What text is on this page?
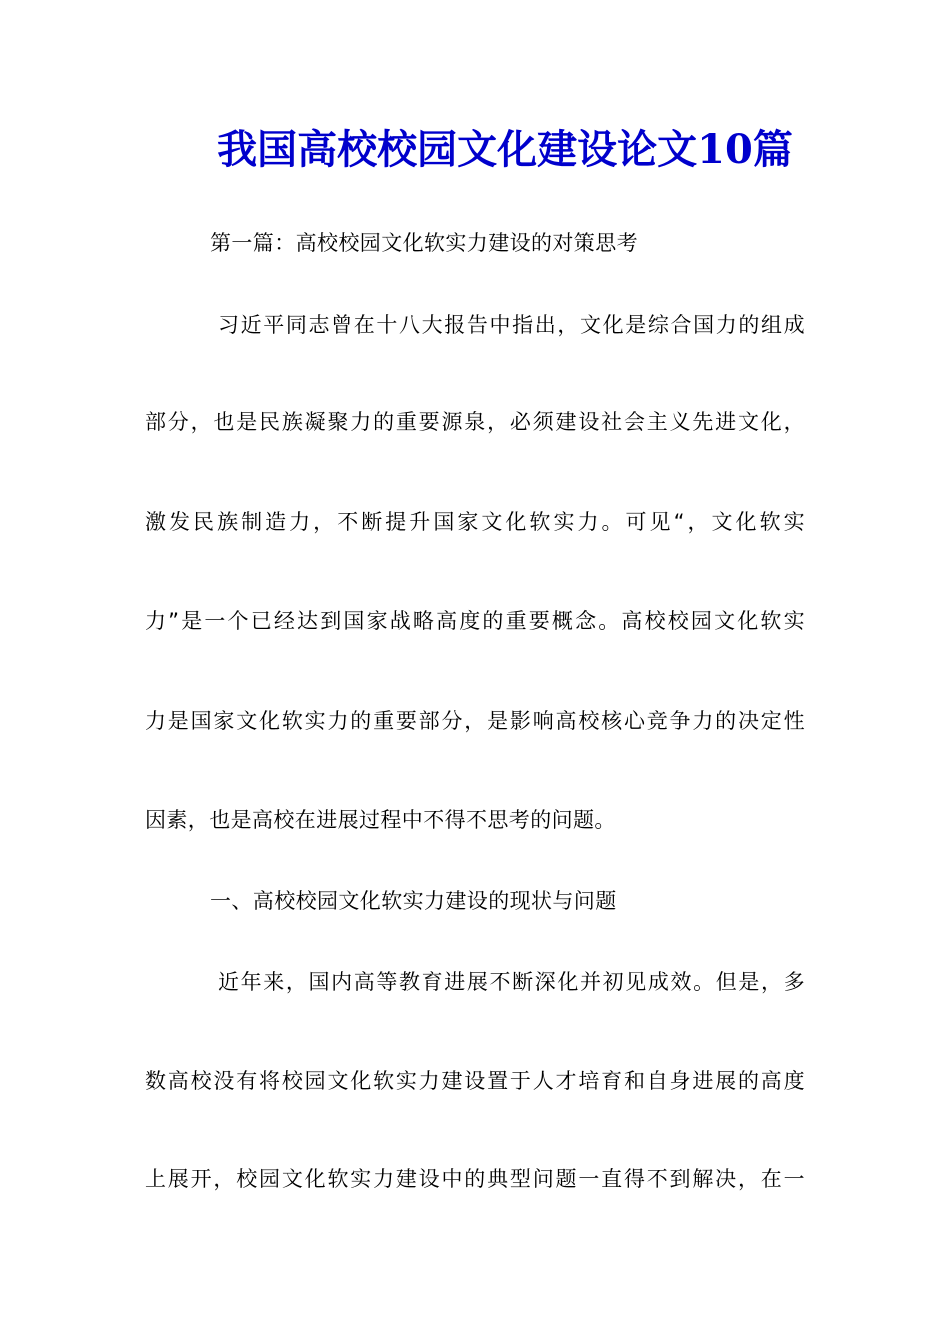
我国高校校园文化建设论文10篇
第一篇：高校校园文化软实力建设的对策思考
习近平同志曾在十八大报告中指出，文化是综合国力的组成
部分，也是民族凝聚力的重要源泉，必须建设社会主义先进文化，
激发民族制造力，不断提升国家文化软实力。可见“，文化软实
力”是一个已经达到国家战略高度的重要概念。高校校园文化软实
力是国家文化软实力的重要部分，是影响高校核心竞争力的决定性
因素，也是高校在进展过程中不得不思考的问题。
一、高校校园文化软实力建设的现状与问题
近年来，国内高等教育进展不断深化并初见成效。但是，多
数高校没有将校园文化软实力建设置于人才培育和自身进展的高度
上展开，校园文化软实力建设中的典型问题一直得不到解决，在一
